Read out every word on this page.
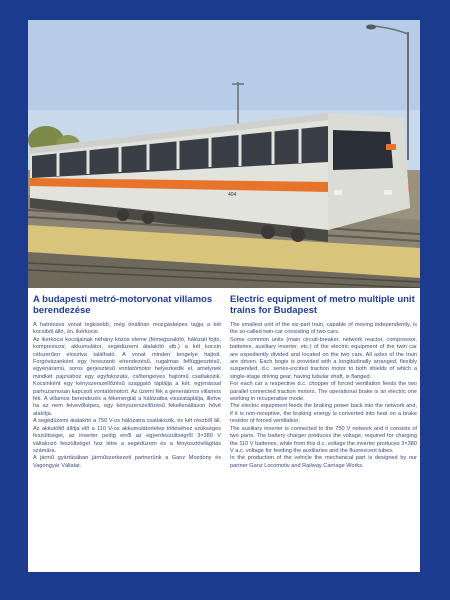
404
A budapesti metró-motorvonat villamos berendezése

A hatrészes vonat legkisebb, még önállóan mozgásképes tagja a két kocsiból álló, ún. ikerkocsi.

Az ikerkocsi kocsijainak néhány közös eleme (fémegszakító, hálózati fojtó, kompresszor, akkumulátor, segédüzemi átalakító stb.) a két kocsin célszerűen elosztva található. A vonat minden tengelye hajtott. Forgóvázanként egy hosszanti elrendezésű, rugalmas felfüggesztésű, egyenáramú, soros gerjesztésű vontatómotor helyezkedik el, amelynek mindkét pajzsához egy egyfokozatú, csőtengelyes hajtómű csatlakozik. Kocsinként egy kényszerszellőzésű szaggató táplálja a két, egymással párhuzamosan kapcsolt vontatómotort. Az üzemi fék a generátoros villamos fék. A villamos berendezés a fékenergiát a hálózatba visszatáplálja, illetve ha az nem felvevőképes, egy kényszerszellőzésű fékellenálláson hővé alakítja.

A segédüzemi átalakító a 750 V-os hálózatra csatlakozik, és két részből áll. Az akkutöltő állítja elő a 110 V-os akkumulátortelep töltéséhez szükséges feszültséget, az inverter pedig erről az egyenfeszültségről 3×380 V váltakozó feszültséget hoz létre a segédüzem és a fényosztóvilágítás számára.

A jármű gyártásában járműszerkezeti partnerünk a Ganz Mozdony és Vagongyár Vállalat.

Electric equipment of metro multiple unit trains for Budapest

The smallest unit of the six-part train, capable of moving independently, is the so-called twin-car consisting of two cars.

Some common units (main circuit-breaker, network reactor, compressor, batteries, auxiliary inverter, etc.) of the electric equipment of the twin car are expediently divided and located on the two cars. All axles of the train are driven. Each bogie is provided with a longitudinally arranged, flexibly suspended, d.c. series-excited traction motor to both shields of which a single-stage driving gear, having tubular shaft, is flanged.

For each car a respective d.c. chopper of forced ventilation feeds the two parallel connected traction motors. The operational brake is an electric one working in recuperative mode.

The electric equipment feeds the braking power back into the network and, if it is non-receptive, the braking energy is converted into heat on a brake resistor of forced ventilation.

The auxiliary inverter is connected to the 750 V network and it consists of two parts. The battery charger produces the voltage, required for charging the 110 V batteries, while from this d.c. voltage the inverter produces 3×380 V a.c. voltage for feeding the auxiliaries and the fluorescent tubes.

In the production of the vehicle the mechanical part is designed by our partner Ganz Locomotiv and Railway Carriage Works.
